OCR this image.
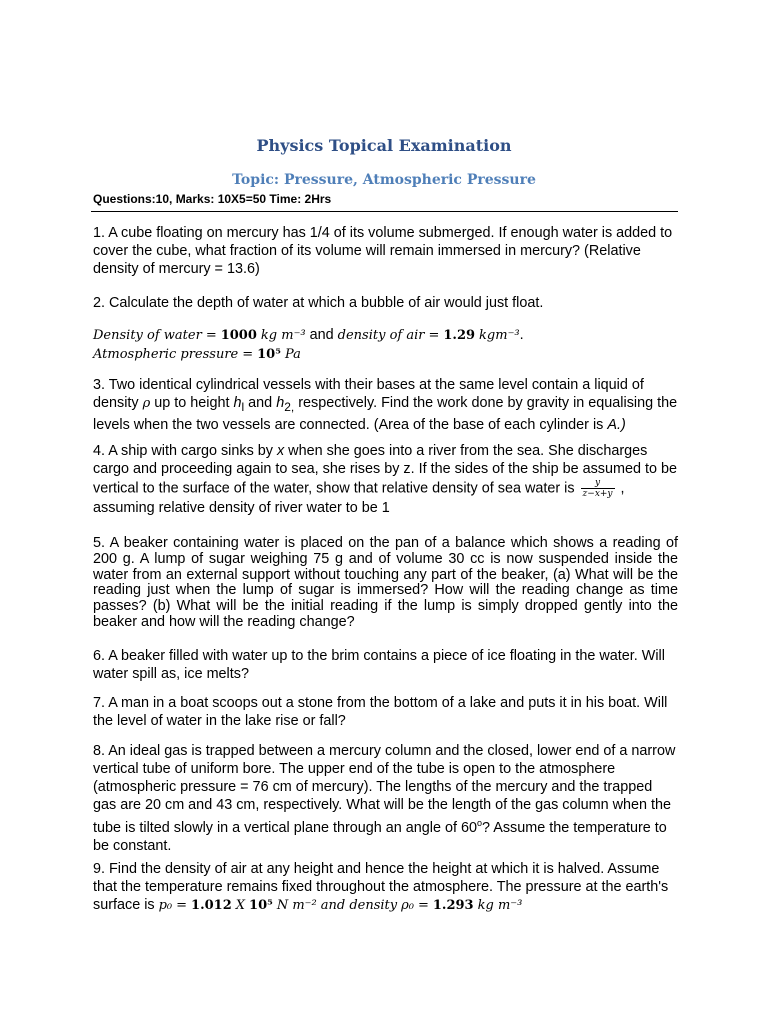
Physics Topical Examination
Topic: Pressure, Atmospheric Pressure
Questions:10, Marks: 10X5=50 Time: 2Hrs
1. A cube floating on mercury has 1/4 of its volume submerged. If enough water is added to cover the cube, what fraction of its volume will remain immersed in mercury? (Relative density of mercury = 13.6)
2. Calculate the depth of water at which a bubble of air would just float.
Density of water = 1000 kg m⁻³ and density of air = 1.29 kgm⁻³.
Atmospheric pressure = 10⁵ Pa
3. Two identical cylindrical vessels with their bases at the same level contain a liquid of density ρ up to height $h_l$ and $h_{2,}$ respectively. Find the work done by gravity in equalising the levels when the two vessels are connected. (Area of the base of each cylinder is A.)
4. A ship with cargo sinks by x when she goes into a river from the sea. She discharges cargo and proceeding again to sea, she rises by z. If the sides of the ship be assumed to be vertical to the surface of the water, show that relative density of sea water is $\frac{y}{z-x+y}$ ,
assuming relative density of river water to be 1
5. A beaker containing water is placed on the pan of a balance which shows a reading of 200 g. A lump of sugar weighing 75 g and of volume 30 cc is now suspended inside the water from an external support without touching any part of the beaker, (a) What will be the reading just when the lump of sugar is immersed? How will the reading change as time passes? (b) What will be the initial reading if the lump is simply dropped gently into the beaker and how will the reading change?
6. A beaker filled with water up to the brim contains a piece of ice floating in the water. Will water spill as, ice melts?
7. A man in a boat scoops out a stone from the bottom of a lake and puts it in his boat. Will the level of water in the lake rise or fall?
8. An ideal gas is trapped between a mercury column and the closed, lower end of a narrow vertical tube of uniform bore. The upper end of the tube is open to the atmosphere (atmospheric pressure = 76 cm of mercury). The lengths of the mercury and the trapped gas are 20 cm and 43 cm, respectively. What will be the length of the gas column when the tube is tilted slowly in a vertical plane through an angle of 60$^o$? Assume the temperature to be constant.
9. Find the density of air at any height and hence the height at which it is halved. Assume that the temperature remains fixed throughout the atmosphere. The pressure at the earth's surface is p₀ = 1.012 X 10⁵ N m⁻² and density ρ₀ = 1.293 kg m⁻³
